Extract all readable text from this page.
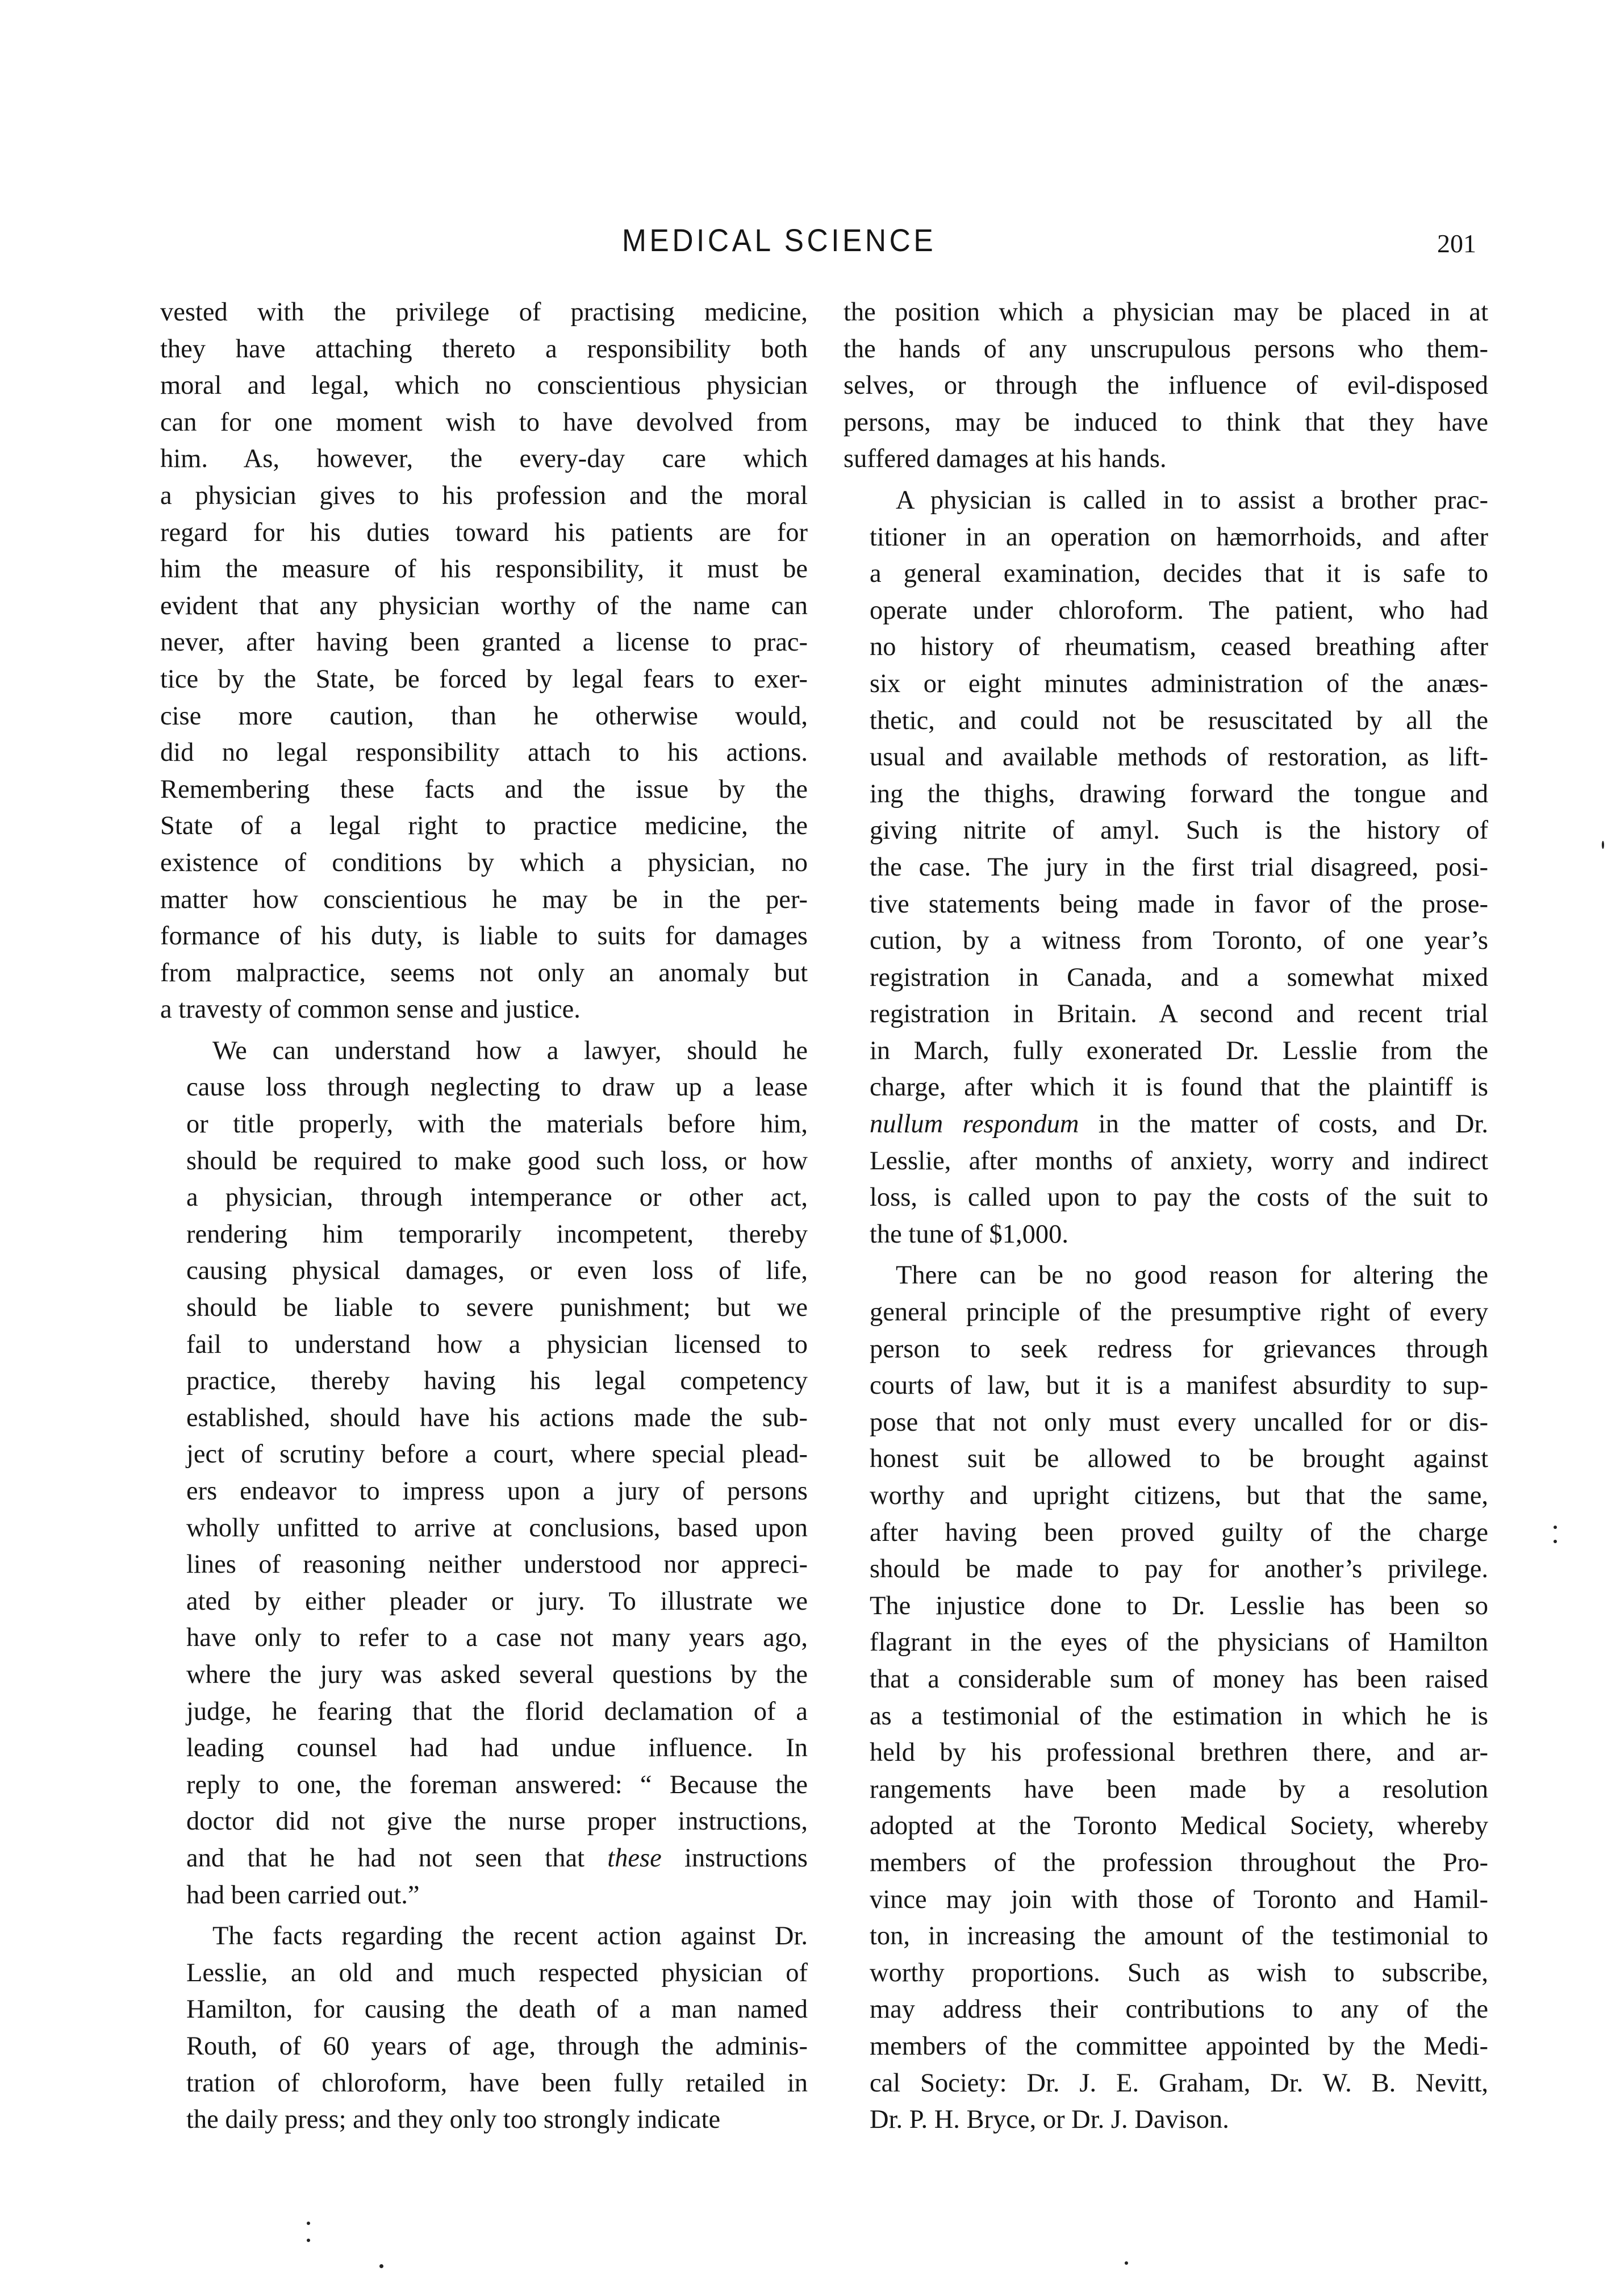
MEDICAL SCIENCE	201
vested with the privilege of practising medicine,
they have attaching thereto a responsibility both
moral and legal, which no conscientious physician
can for one moment wish to have devolved from
him. As, however, the every-day care which
a physician gives to his profession and the moral
regard for his duties toward his patients are for
him the measure of his responsibility, it must be
evident that any physician worthy of the name can
never, after having been granted a license to prac-
tice by the State, be forced by legal fears to exer-
cise more caution, than he otherwise would,
did no legal responsibility attach to his actions.
Remembering these facts and the issue by the
State of a legal right to practice medicine, the
existence of conditions by which a physician, no
matter how conscientious he may be in the per-
formance of his duty, is liable to suits for damages
from malpractice, seems not only an anomaly but
a travesty of common sense and justice.
We can understand how a lawyer, should he
cause loss through neglecting to draw up a lease
or title properly, with the materials before him,
should be required to make good such loss, or how
a physician, through intemperance or other act,
rendering him temporarily incompetent, thereby
causing physical damages, or even loss of life,
should be liable to severe punishment; but we
fail to understand how a physician licensed to
practice, thereby having his legal competency
established, should have his actions made the sub-
ject of scrutiny before a court, where special plead-
ers endeavor to impress upon a jury of persons
wholly unfitted to arrive at conclusions, based upon
lines of reasoning neither understood nor appreci-
ated by either pleader or jury. To illustrate we
have only to refer to a case not many years ago,
where the jury was asked several questions by the
judge, he fearing that the florid declamation of a
leading counsel had had undue influence. In
reply to one, the foreman answered: “ Because the
doctor did not give the nurse proper instructions,
and that he had not seen that these instructions
had been carried out.”
The facts regarding the recent action against Dr.
Lesslie, an old and much respected physician of
Hamilton, for causing the death of a man named
Routh, of 60 years of age, through the adminis-
tration of chloroform, have been fully retailed in
the daily press; and they only too strongly indicate
the position which a physician may be placed in at
the hands of any unscrupulous persons who them-
selves, or through the influence of evil-disposed
persons, may be induced to think that they have
suffered damages at his hands.
A physician is called in to assist a brother prac-
titioner in an operation on hæmorrhoids, and after
a general examination, decides that it is safe to
operate under chloroform. The patient, who had
no history of rheumatism, ceased breathing after
six or eight minutes administration of the anæs-
thetic, and could not be resuscitated by all the
usual and available methods of restoration, as lift-
ing the thighs, drawing forward the tongue and
giving nitrite of amyl. Such is the history of
the case. The jury in the first trial disagreed, posi-
tive statements being made in favor of the prose-
cution, by a witness from Toronto, of one year’s
registration in Canada, and a somewhat mixed
registration in Britain. A second and recent trial
in March, fully exonerated Dr. Lesslie from the
charge, after which it is found that the plaintiff is
nullum respondum in the matter of costs, and Dr.
Lesslie, after months of anxiety, worry and indirect
loss, is called upon to pay the costs of the suit to
the tune of $1,000.
There can be no good reason for altering the
general principle of the presumptive right of every
person to seek redress for grievances through
courts of law, but it is a manifest absurdity to sup-
pose that not only must every uncalled for or dis-
honest suit be allowed to be brought against
worthy and upright citizens, but that the same,
after having been proved guilty of the charge
should be made to pay for another’s privilege.
The injustice done to Dr. Lesslie has been so
flagrant in the eyes of the physicians of Hamilton
that a considerable sum of money has been raised
as a testimonial of the estimation in which he is
held by his professional brethren there, and ar-
rangements have been made by a resolution
adopted at the Toronto Medical Society, whereby
members of the profession throughout the Pro-
vince may join with those of Toronto and Hamil-
ton, in increasing the amount of the testimonial to
worthy proportions. Such as wish to subscribe,
may address their contributions to any of the
members of the committee appointed by the Medi-
cal Society: Dr. J. E. Graham, Dr. W. B. Nevitt,
Dr. P. H. Bryce, or Dr. J. Davison.
